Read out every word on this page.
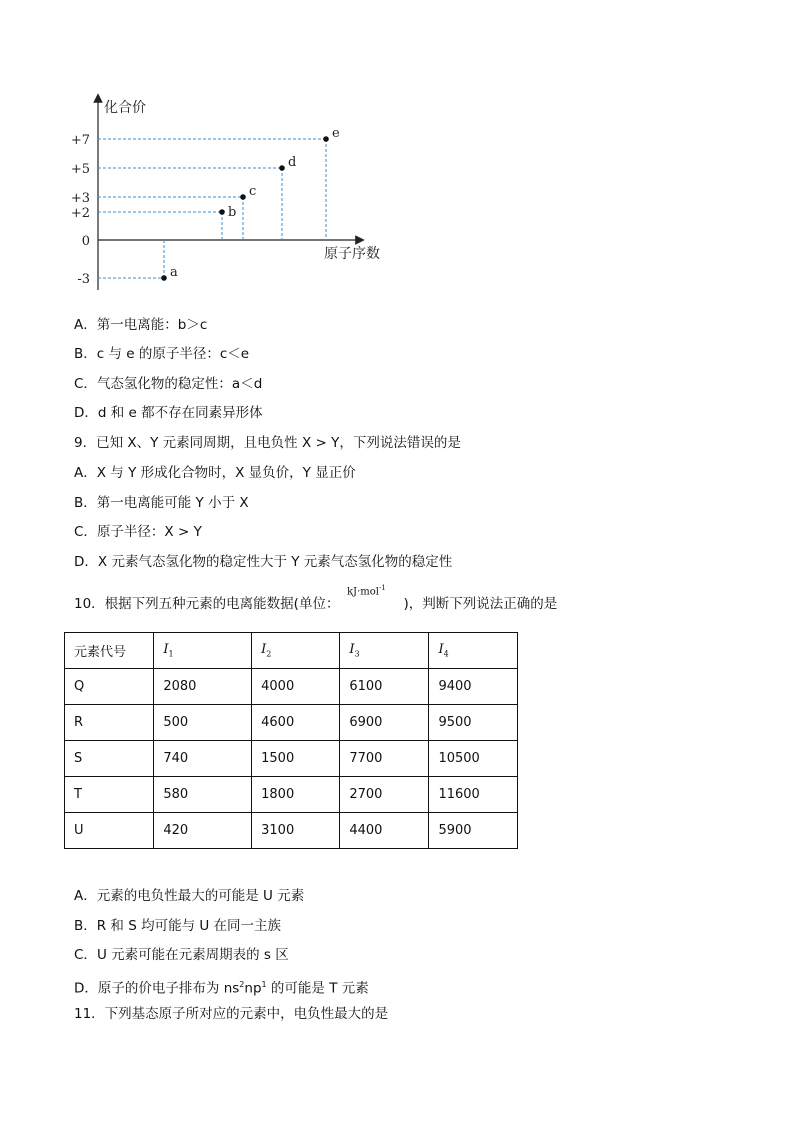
化合价
原子序数
+7
+5
+3
+2
0
-3	a
b
c
d
e
A．第一电离能：b＞c
B．c 与 e 的原子半径：c＜e
C．气态氢化物的稳定性：a＜d
D．d 和 e 都不存在同素异形体
9．已知 X、Y 元素同周期，且电负性 X > Y，下列说法错误的是
A．X 与 Y 形成化合物时，X 显负价，Y 显正价
B．第一电离能可能 Y 小于 X
C．原子半径：X > Y
D．X 元素气态氢化物的稳定性大于 Y 元素气态氢化物的稳定性
10．根据下列五种元素的电离能数据(单位：	)，判断下列说法正确的是
kJ·mol$^{-1}$
元素代号	$I_1$	$I_2$	$I_3$	$I_4$
Q	2080	4000	6100	9400
R	500	4600	6900	9500
S	740	1500	7700	10500
T	580	1800	2700	11600
U	420	3100	4400	5900
A．元素的电负性最大的可能是 U 元素
B．R 和 S 均可能与 U 在同一主族
C．U 元素可能在元素周期表的 s 区
D．原子的价电子排布为 $ns^2np^1$ 的可能是 T 元素
11．下列基态原子所对应的元素中，电负性最大的是
